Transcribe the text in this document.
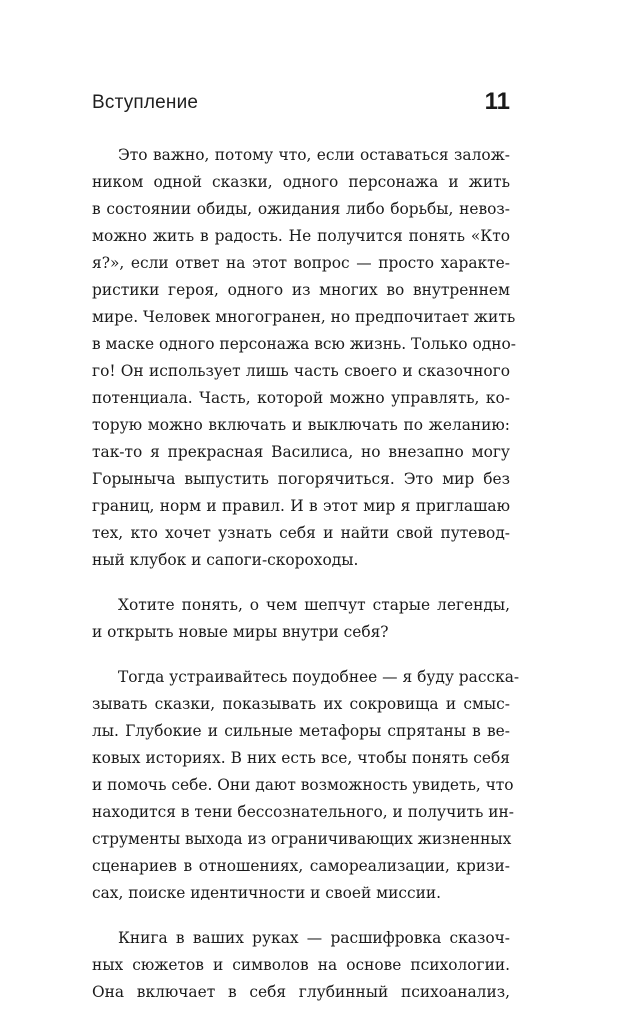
Вступление	11
Это важно, потому что, если оставаться залож-
ником одной сказки, одного персонажа и жить
в состоянии обиды, ожидания либо борьбы, невоз-
можно жить в радость. Не получится понять «Кто
я?», если ответ на этот вопрос — просто характе-
ристики героя, одного из многих во внутреннем
мире. Человек многогранен, но предпочитает жить
в маске одного персонажа всю жизнь. Только одно-
го! Он использует лишь часть своего и сказочного
потенциала. Часть, которой можно управлять, ко-
торую можно включать и выключать по желанию:
так-то я прекрасная Василиса, но внезапно могу
Горыныча выпустить погорячиться. Это мир без
границ, норм и правил. И в этот мир я приглашаю
тех, кто хочет узнать себя и найти свой путевод-
ный клубок и сапоги-скороходы.
Хотите понять, о чем шепчут старые легенды,
и открыть новые миры внутри себя?
Тогда устраивайтесь поудобнее — я буду расска-
зывать сказки, показывать их сокровища и смыс-
лы. Глубокие и сильные метафоры спрятаны в ве-
ковых историях. В них есть все, чтобы понять себя
и помочь себе. Они дают возможность увидеть, что
находится в тени бессознательного, и получить ин-
струменты выхода из ограничивающих жизненных
сценариев в отношениях, самореализации, кризи-
сах, поиске идентичности и своей миссии.
Книга в ваших руках — расшифровка сказоч-
ных сюжетов и символов на основе психологии.
Она включает в себя глубинный психоанализ,
